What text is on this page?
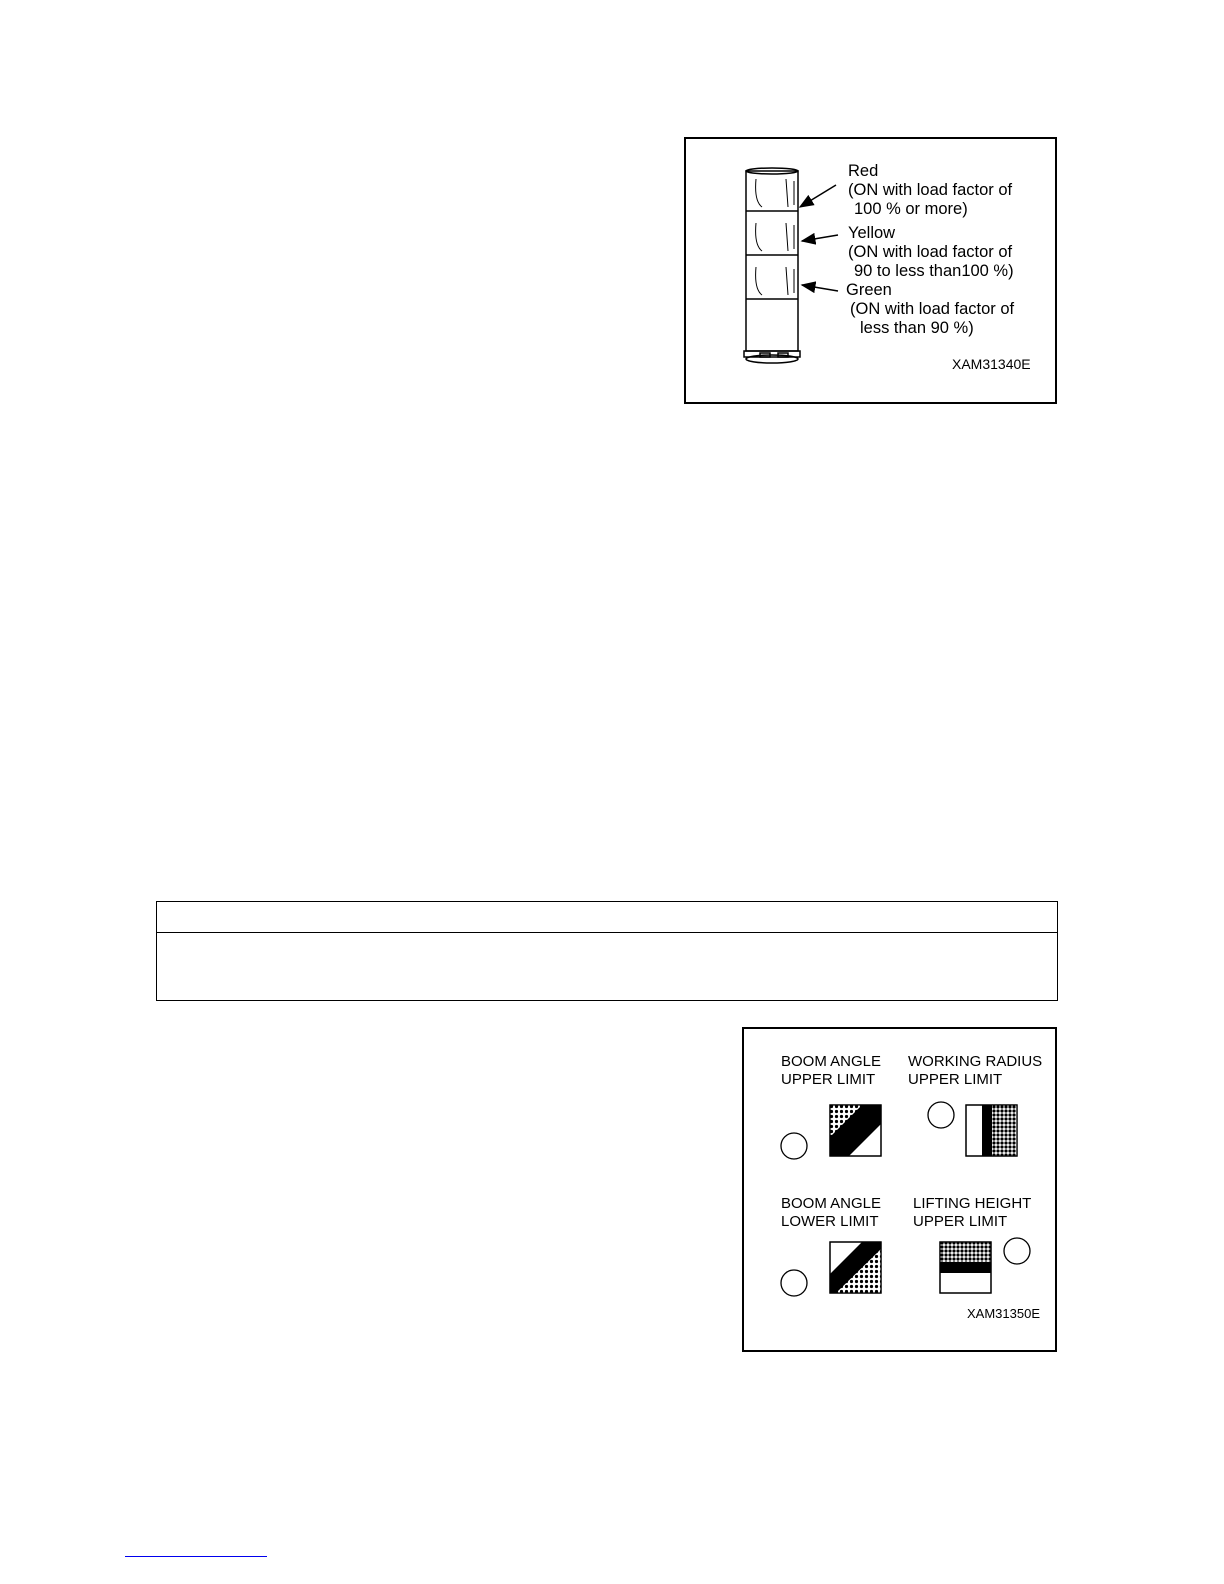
Red
(ON with load factor of
100 % or more)
Yellow
(ON with load factor of
90 to less than100 %)
Green
(ON with load factor of
less than 90 %)
XAM31340E
BOOM ANGLE
UPPER LIMIT
WORKING RADIUS
UPPER LIMIT
BOOM ANGLE
LOWER LIMIT
LIFTING HEIGHT
UPPER LIMIT
XAM31350E
